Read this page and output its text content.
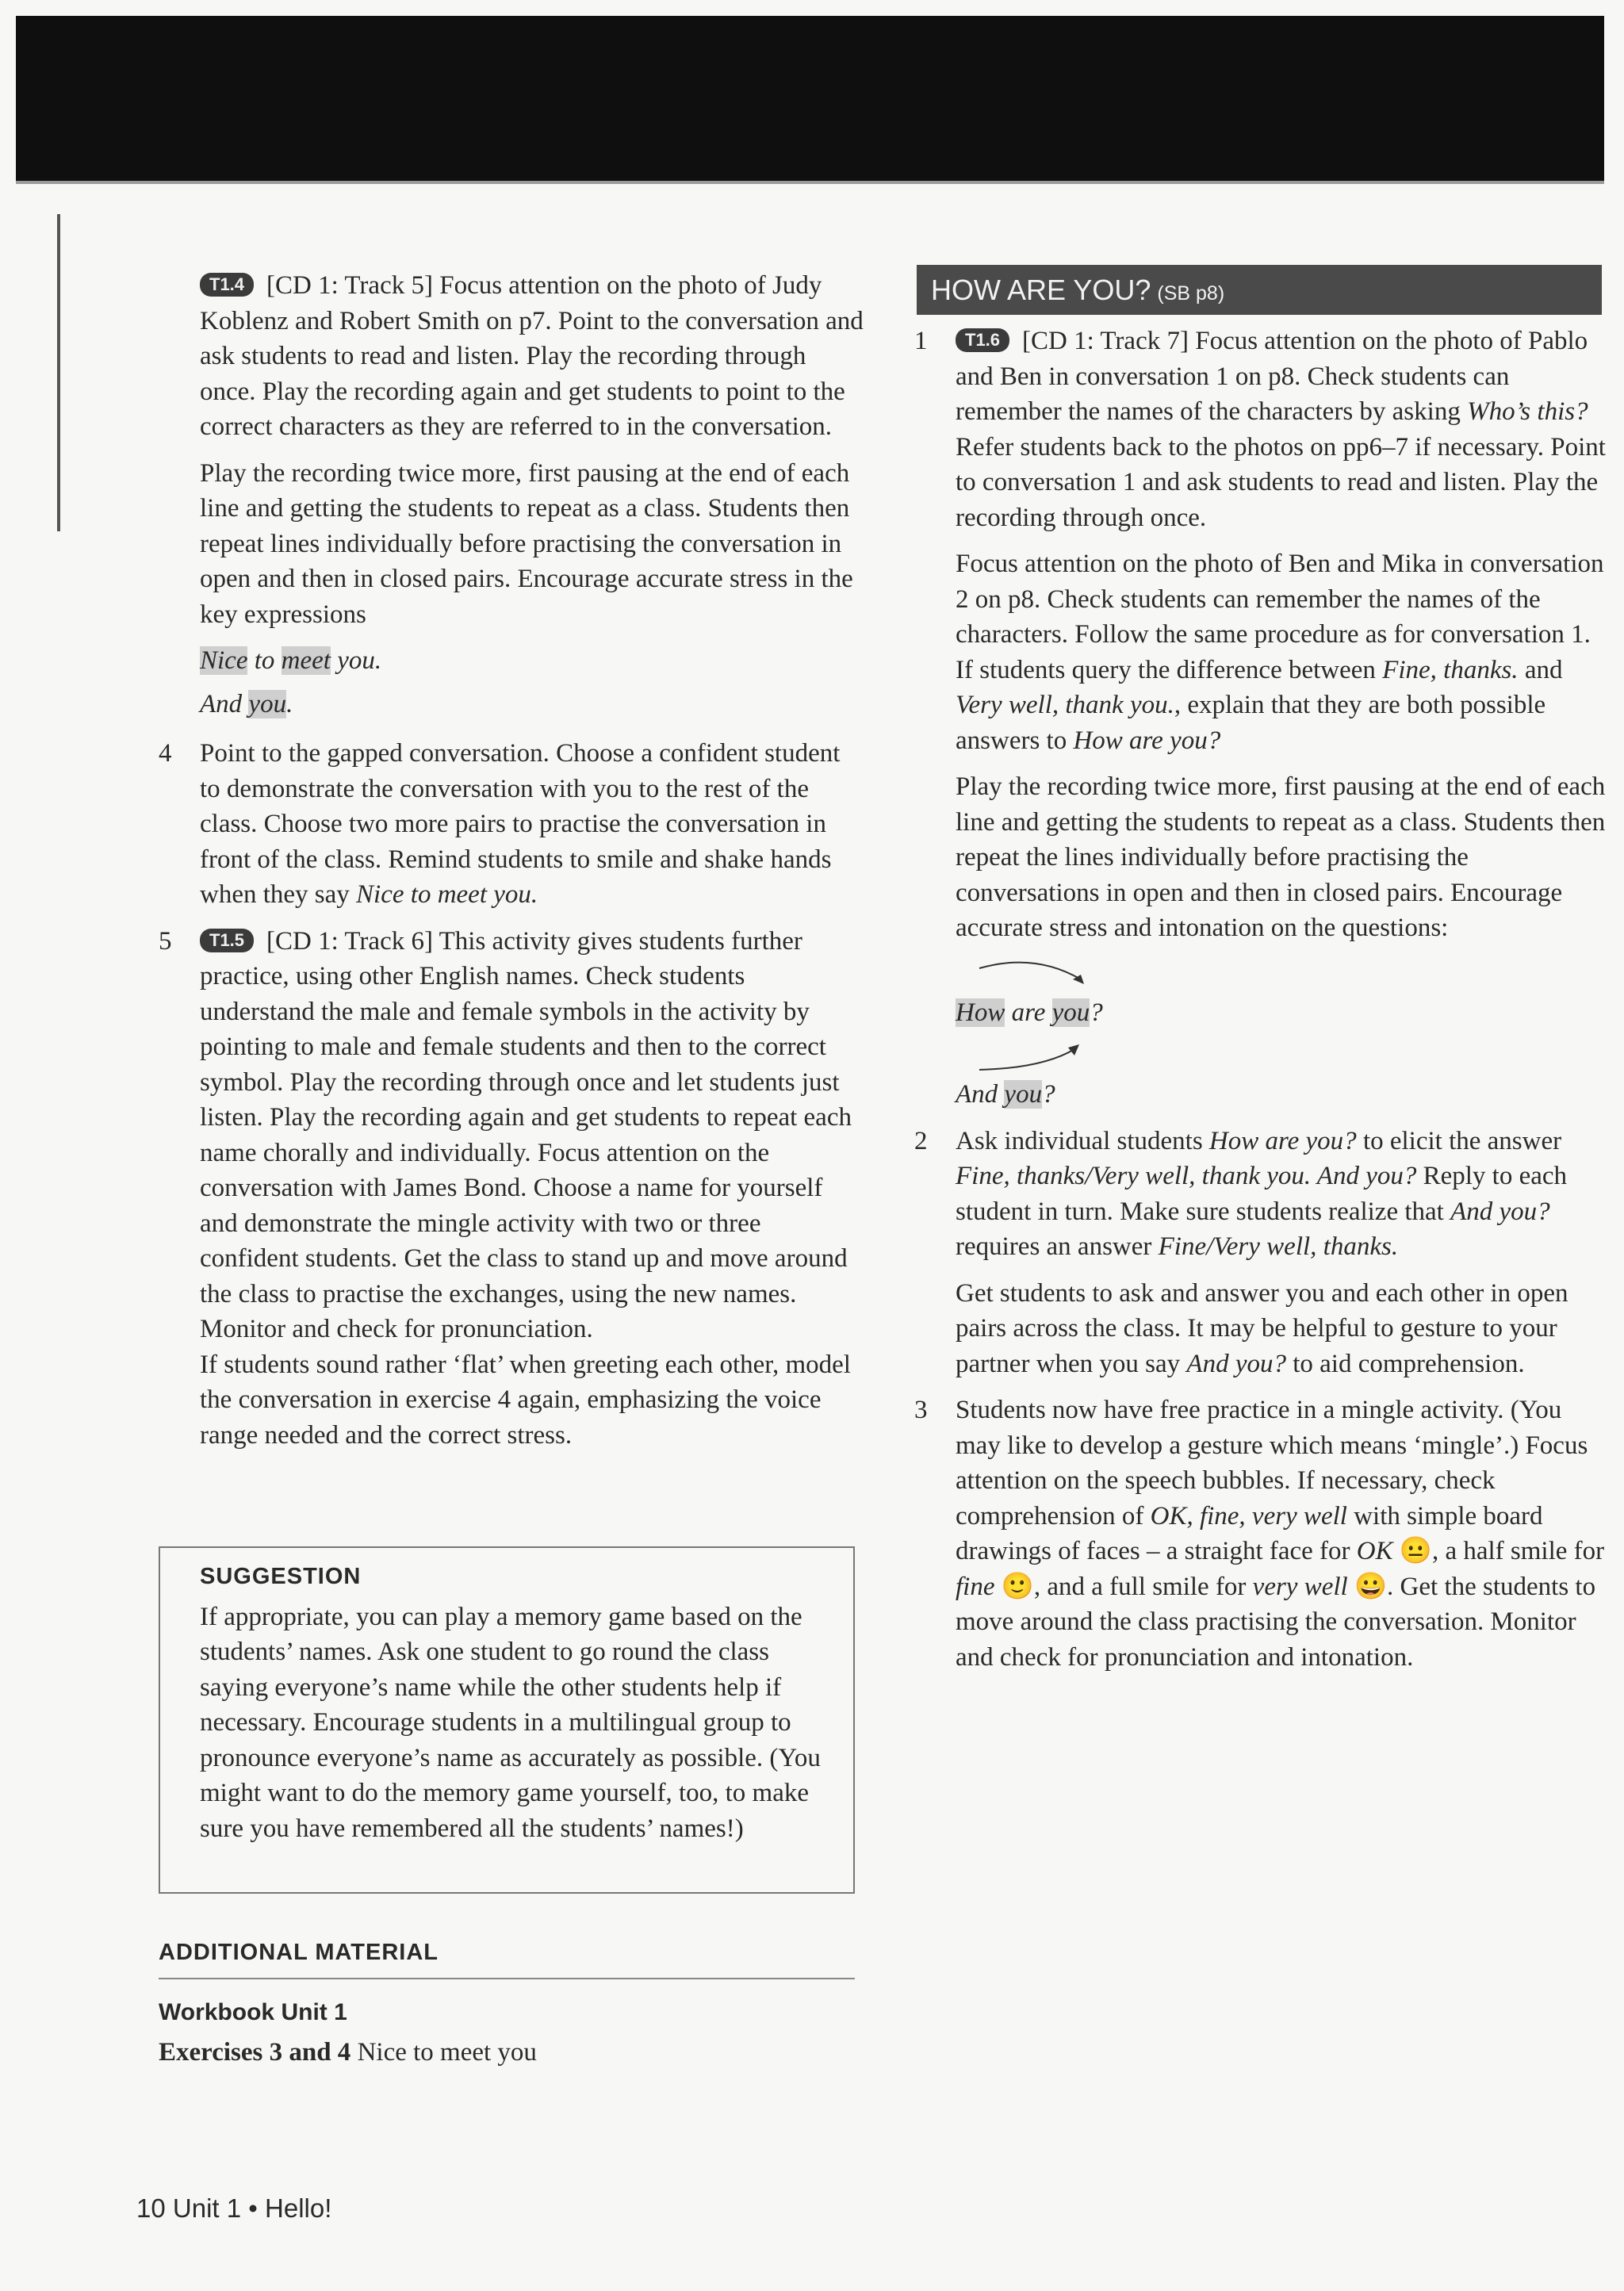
T1.4 [CD 1: Track 5] Focus attention on the photo of Judy Koblenz and Robert Smith on p7. Point to the conversation and ask students to read and listen. Play the recording through once. Play the recording again and get students to point to the correct characters as they are referred to in the conversation.

Play the recording twice more, first pausing at the end of each line and getting the students to repeat as a class. Students then repeat lines individually before practising the conversation in open and then in closed pairs. Encourage accurate stress in the key expressions

Nice to meet you.
And you.
4 Point to the gapped conversation. Choose a confident student to demonstrate the conversation with you to the rest of the class. Choose two more pairs to practise the conversation in front of the class. Remind students to smile and shake hands when they say Nice to meet you.

5	T1.5 [CD 1: Track 6] This activity gives students further practice, using other English names. Check students understand the male and female symbols in the activity by pointing to male and female students and then to the correct symbol. Play the recording through once and let students just listen. Play the recording again and get students to repeat each name chorally and individually. Focus attention on the conversation with James Bond. Choose a name for yourself and demonstrate the mingle activity with two or three confident students. Get the class to stand up and move around the class to practise the exchanges, using the new names. Monitor and check for pronunciation.

If students sound rather ‘flat’ when greeting each other, model the conversation in exercise 4 again, emphasizing the voice range needed and the correct stress.

SUGGESTION
If appropriate, you can play a memory game based on the students’ names. Ask one student to go round the class saying everyone’s name while the other students help if necessary. Encourage students in a multilingual group to pronounce everyone’s name as accurately as possible. (You might want to do the memory game yourself, too, to make sure you have remembered all the students’ names!)
ADDITIONAL MATERIAL
Workbook Unit 1
Exercises 3 and 4 Nice to meet you
HOW ARE YOU? (SB p8)
1	T1.6 [CD 1: Track 7] Focus attention on the photo of Pablo and Ben in conversation 1 on p8. Check students can remember the names of the characters by asking Who’s this? Refer students back to the photos on pp6–7 if necessary. Point to conversation 1 and ask students to read and listen. Play the recording through once.

Focus attention on the photo of Ben and Mika in conversation 2 on p8. Check students can remember the names of the characters. Follow the same procedure as for conversation 1. If students query the difference between Fine, thanks. and Very well, thank you., explain that they are both possible answers to How are you?

Play the recording twice more, first pausing at the end of each line and getting the students to repeat as a class. Students then repeat the lines individually before practising the conversations in open and then in closed pairs. Encourage accurate stress and intonation on the questions:

How are you?
And you?
2 Ask individual students How are you? to elicit the answer Fine, thanks/Very well, thank you. And you? Reply to each student in turn. Make sure students realize that And you? requires an answer Fine/Very well, thanks.

Get students to ask and answer you and each other in open pairs across the class. It may be helpful to gesture to your partner when you say And you? to aid comprehension.

3 Students now have free practice in a mingle activity. (You may like to develop a gesture which means ‘mingle’.) Focus attention on the speech bubbles. If necessary, check comprehension of OK, fine, very well with simple board drawings of faces – a straight face for OK 😐, a half smile for fine 🙂, and a full smile for very well 😀. Get the students to move around the class practising the conversation. Monitor and check for pronunciation and intonation.

10 Unit 1 • Hello!
